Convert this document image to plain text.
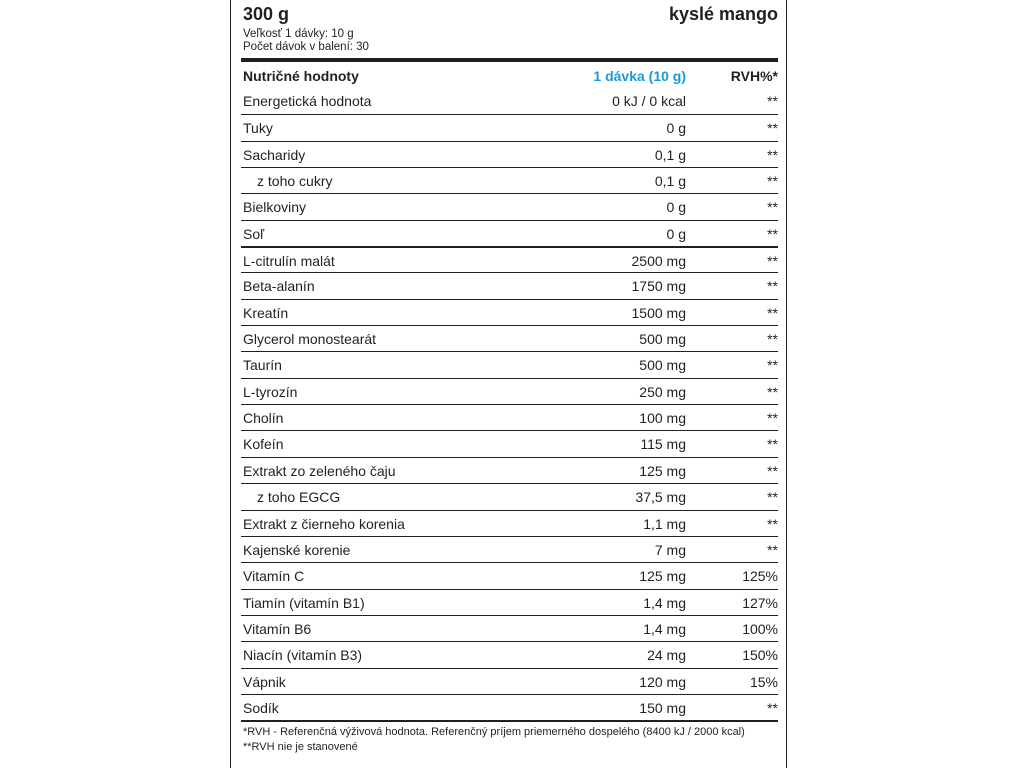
300 g	kyslé mango
Veľkosť 1 dávky: 10 g
Počet dávok v balení: 30
Nutričné hodnoty	1 dávka (10 g)	RVH%*
Energetická hodnota	0 kJ / 0 kcal	**
Tuky	0 g	**
Sacharidy	0,1 g	**
z toho cukry	0,1 g	**
Bielkoviny	0 g	**
Soľ	0 g	**
L-citrulín malát	2500 mg	**
Beta-alanín	1750 mg	**
Kreatín	1500 mg	**
Glycerol monostearát	500 mg	**
Taurín	500 mg	**
L-tyrozín	250 mg	**
Cholín	100 mg	**
Kofeín	115 mg	**
Extrakt zo zeleného čaju	125 mg	**
z toho EGCG	37,5 mg	**
Extrakt z čierneho korenia	1,1 mg	**
Kajenské korenie	7 mg	**
Vitamín C	125 mg	125%
Tiamín (vitamín B1)	1,4 mg	127%
Vitamín B6	1,4 mg	100%
Niacín (vitamín B3)	24 mg	150%
Vápnik	120 mg	15%
Sodík	150 mg	**

*RVH - Referenčná výživová hodnota. Referenčný príjem priemerného dospelého (8400 kJ / 2000 kcal)

**RVH nie je stanovené
